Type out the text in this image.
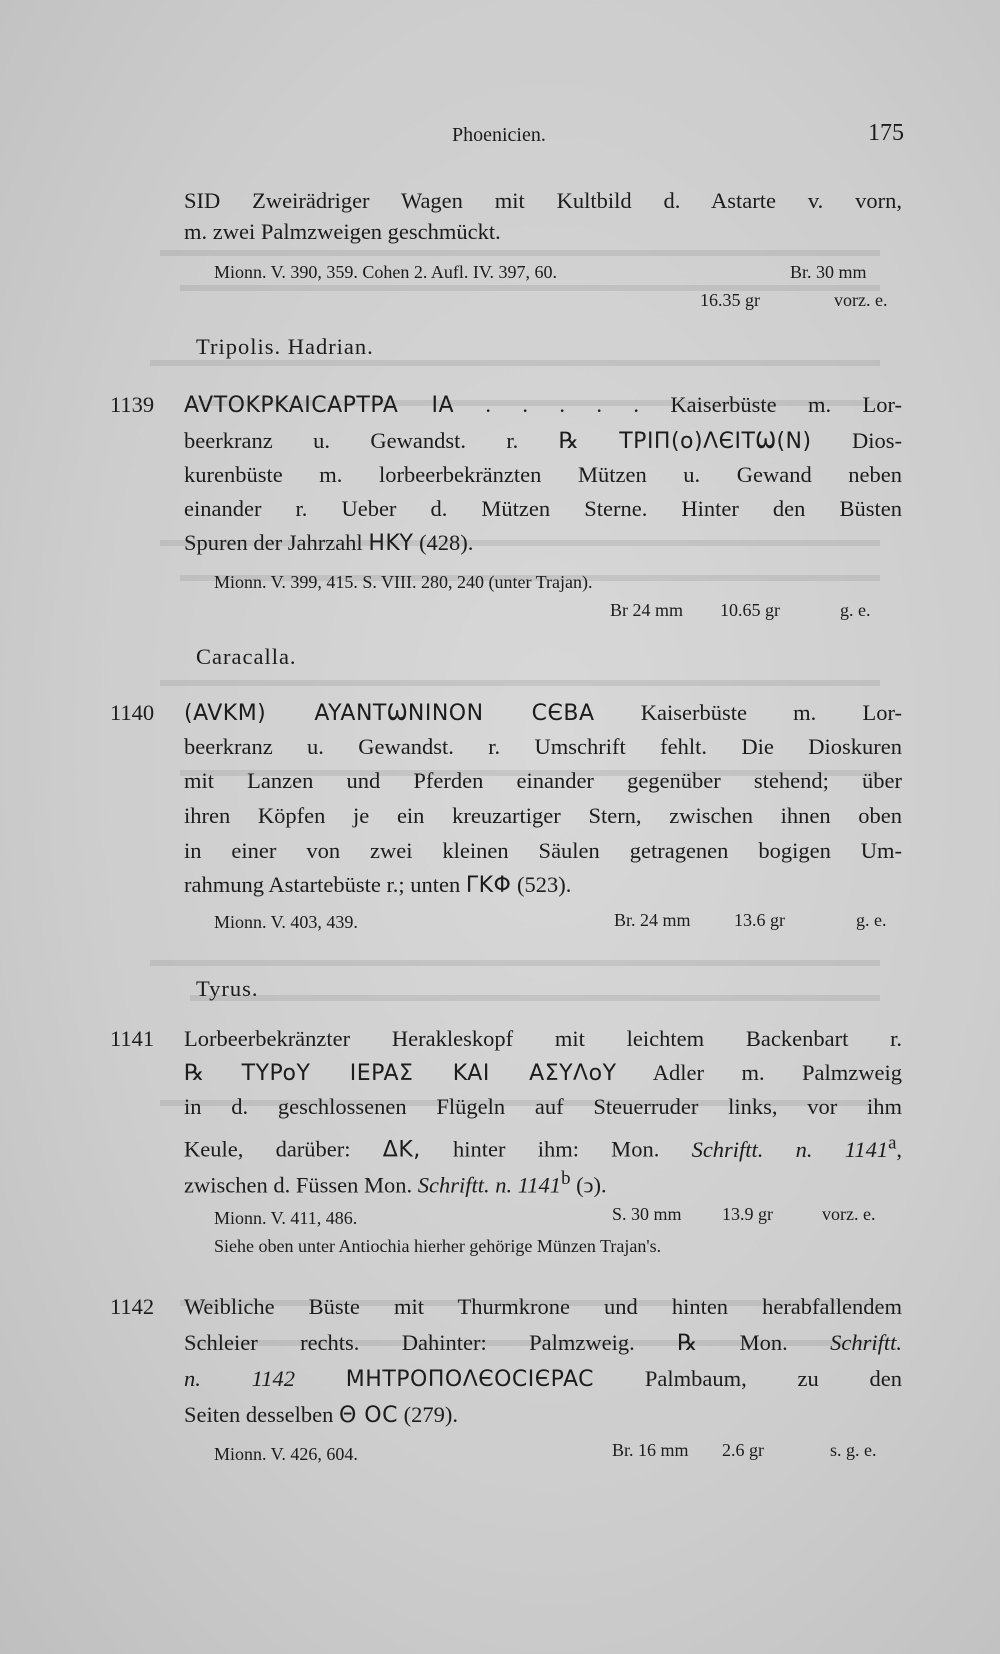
Phoenicien.	175
SID Zweirädriger Wagen mit Kultbild d. Astarte v. vorn,
m. zwei Palmzweigen geschmückt.
Mionn. V. 390, 359. Cohen 2. Aufl. IV. 397, 60.	Br. 30 mm
16.35 gr	vorz. e.
Tripolis. Hadrian.
1139 AVTOKPKAICAPTPA IA . . . . . Kaiserbüste m. Lor-
beerkranz u. Gewandst. r. ℞ TPIΠ(o)ΛЄITѠ(N) Dios-
kurenbüste m. lorbeerbekränzten Mützen u. Gewand neben
einander r. Ueber d. Mützen Sterne. Hinter den Büsten
Spuren der Jahrzahl HKY (428).
Mionn. V. 399, 415. S. VIII. 280, 240 (unter Trajan).
Br 24 mm 10.65 gr	g. e.
Caracalla.
1140 (AVKM) AYANTѠNINON CЄBA Kaiserbüste m. Lor-
beerkranz u. Gewandst. r. Umschrift fehlt. Die Dioskuren
mit Lanzen und Pferden einander gegenüber stehend; über
ihren Köpfen je ein kreuzartiger Stern, zwischen ihnen oben
in einer von zwei kleinen Säulen getragenen bogigen Um-
rahmung Astartebüste r.; unten ΓKΦ (523).
Mionn. V. 403, 439.	Br. 24 mm 13.6 gr	g. e.
Tyrus.
1141 Lorbeerbekränzter Herakleskopf mit leichtem Backenbart r.
℞ TYPoY IEPAΣ KAI AΣYΛoY Adler m. Palmzweig
in d. geschlossenen Flügeln auf Steuerruder links, vor ihm
Keule, darüber: ΔK, hinter ihm: Mon. Schriftt. n. 1141$^a$,
zwischen d. Füssen Mon. Schriftt. n. 1141$^b$ (ↄ).
Mionn. V. 411, 486.	S. 30 mm 13.9 gr	vorz. e.
Siehe oben unter Antiochia hierher gehörige Münzen Trajan's.
1142 Weibliche Büste mit Thurmkrone und hinten herabfallendem
Schleier rechts. Dahinter: Palmzweig. ℞ Mon. Schriftt.
n. 1142 MHTPOΠOΛЄOCIЄPAC Palmbaum, zu den
Seiten desselben Θ OC (279).
Mionn. V. 426, 604.	Br. 16 mm 2.6 gr	s. g. e.
